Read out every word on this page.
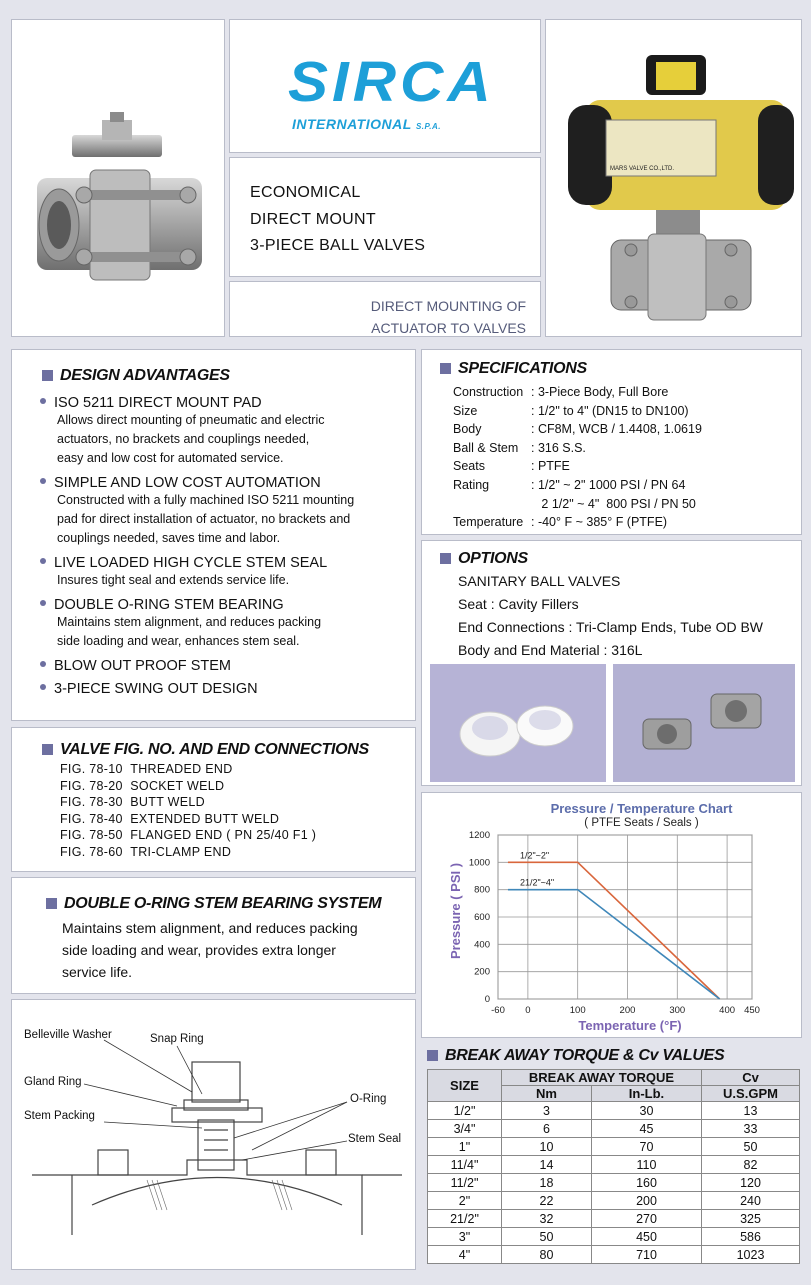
SIRCA
INTERNATIONAL S.P.A.
ECONOMICAL
DIRECT MOUNT
3-PIECE BALL VALVES
DIRECT MOUNTING OF
ACTUATOR TO VALVES
MARS VALVE CO.,LTD.
DESIGN ADVANTAGES
ISO 5211 DIRECT MOUNT PAD
Allows direct mounting of pneumatic and electric
actuators, no brackets and couplings needed,
easy and low cost for automated service.
SIMPLE AND LOW COST AUTOMATION
Constructed with a fully machined ISO 5211 mounting
pad for direct installation of actuator, no brackets and
couplings needed, saves time and labor.
LIVE LOADED HIGH CYCLE STEM SEAL
Insures tight seal and extends service life.
DOUBLE O-RING STEM BEARING
Maintains stem alignment, and reduces packing
side loading and wear, enhances stem seal.
BLOW OUT PROOF STEM
3-PIECE SWING OUT DESIGN
SPECIFICATIONS
Construction : 3-Piece Body, Full Bore
Size	: 1/2" to 4" (DN15 to DN100)
Body	: CF8M, WCB / 1.4408, 1.0619
Ball & Stem	: 316 S.S.
Seats	: PTFE
Rating	: 1/2" ~ 2" 1000 PSI / PN 64
2 1/2" ~ 4"  800 PSI / PN 50
Temperature : -40° F ~ 385° F (PTFE)
OPTIONS
SANITARY BALL VALVES
Seat : Cavity Fillers
End Connections : Tri-Clamp Ends, Tube OD BW
Body and End Material : 316L
VALVE FIG. NO. AND END CONNECTIONS
FIG. 78-10 THREADED END
FIG. 78-20 SOCKET WELD
FIG. 78-30 BUTT WELD
FIG. 78-40 EXTENDED BUTT WELD
FIG. 78-50 FLANGED END ( PN 25/40 F1 )
FIG. 78-60 TRI-CLAMP END
DOUBLE O-RING STEM BEARING SYSTEM
Maintains stem alignment, and reduces packing
side loading and wear, provides extra longer
service life.
Belleville Washer	Snap Ring
Gland Ring
O-Ring
Stem Packing
Stem Seal
Pressure / Temperature Chart
( PTFE Seats / Seals )
0
200
400
600
800
1000
1200
-60 0	100	200	300	400 450
1/2"~2"
21/2"~4"
Pressure ( PSI )
Temperature (°F)
BREAK AWAY TORQUE & Cv VALUES
SIZE	BREAK AWAY TORQUE		Cv
	Nm	In-Lb.	U.S.GPM
1/2"	3	30	13
3/4"	6	45	33
1"	10	70	50
11/4"	14	110	82
11/2"	18	160	120
2"	22	200	240
21/2"	32	270	325
3"	50	450	586
4"	80	710	1023
